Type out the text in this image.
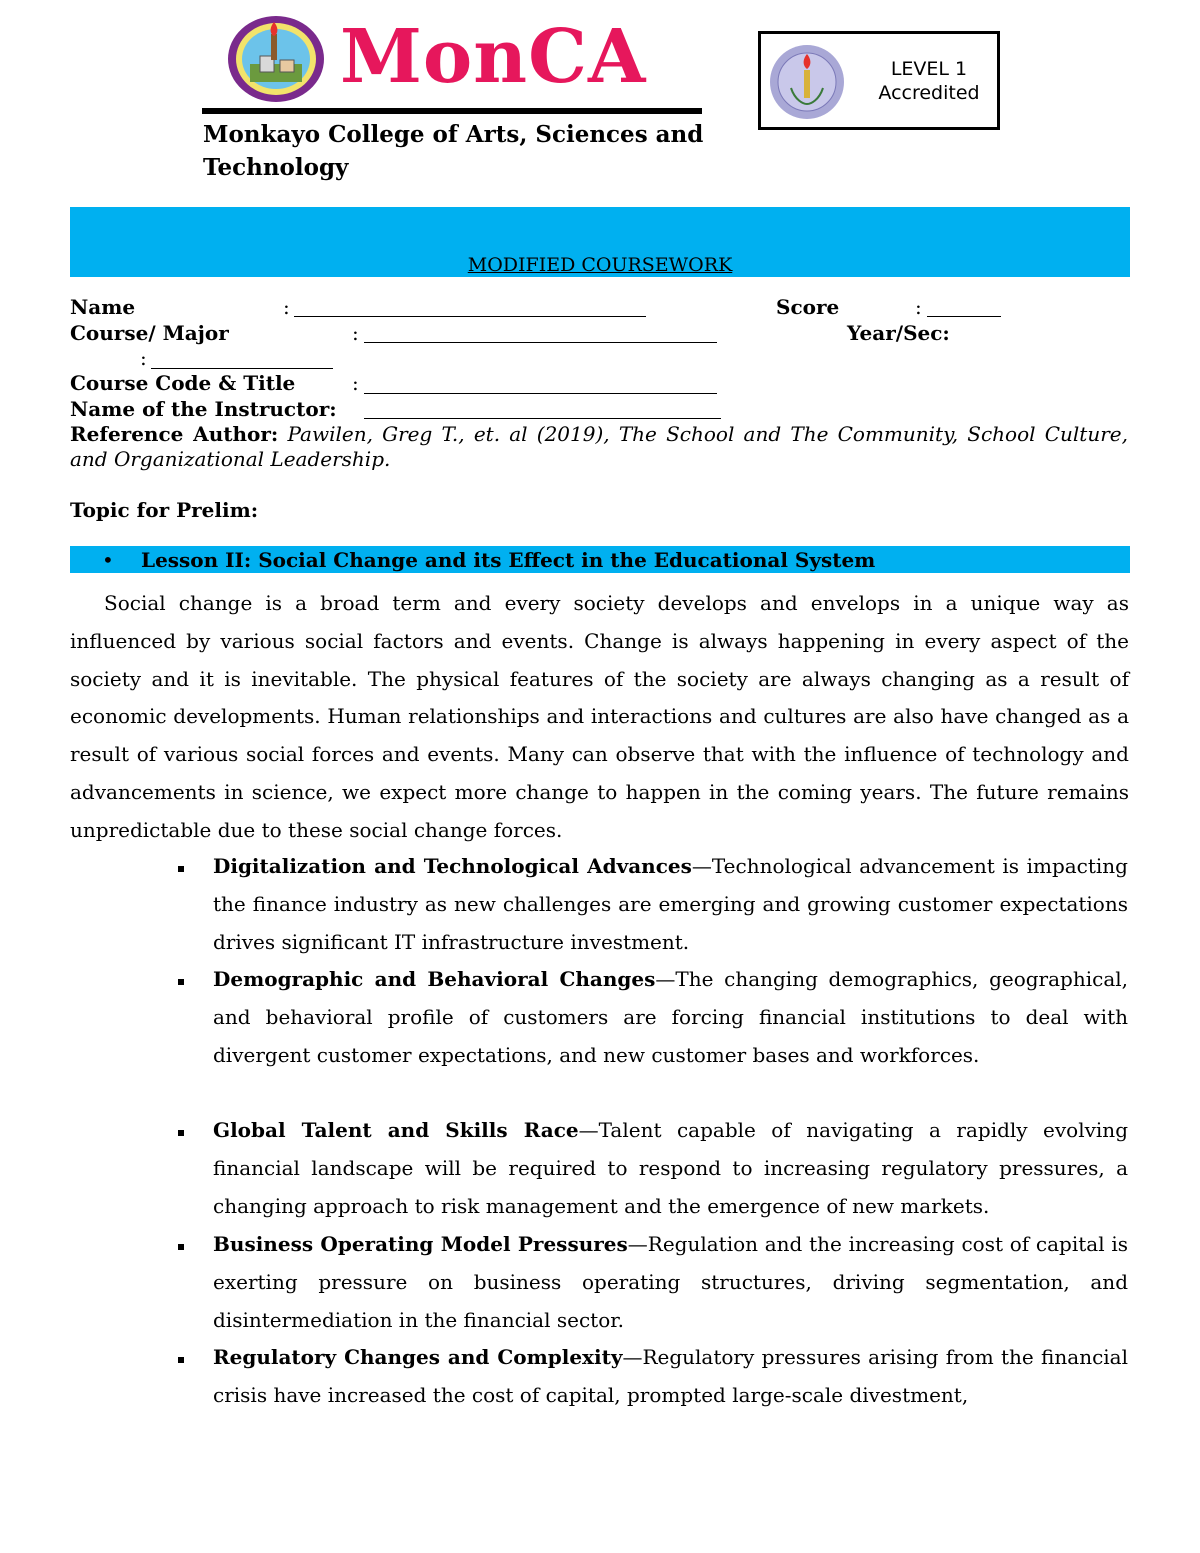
MonCA
Monkayo College of Arts, Sciences and Technology
LEVEL 1
Accredited
MODIFIED COURSEWORK
Name	:	Score	:
Course/ Major	:	Year/Sec:
:
Course Code & Title	:
Name of the Instructor:
Reference Author: Pawilen, Greg T., et. al (2019), The School and The Community, School Culture, and Organizational Leadership.
Topic for Prelim:
• Lesson II: Social Change and its Effect in the Educational System
Social change is a broad term and every society develops and envelops in a unique way as influenced by various social factors and events. Change is always happening in every aspect of the society and it is inevitable. The physical features of the society are always changing as a result of economic developments. Human relationships and interactions and cultures are also have changed as a result of various social forces and events. Many can observe that with the influence of technology and advancements in science, we expect more change to happen in the coming years. The future remains unpredictable due to these social change forces.
Digitalization and Technological Advances—Technological advancement is impacting the finance industry as new challenges are emerging and growing customer expectations drives significant IT infrastructure investment.
Demographic and Behavioral Changes—The changing demographics, geographical, and behavioral profile of customers are forcing financial institutions to deal with divergent customer expectations, and new customer bases and workforces.
Global Talent and Skills Race—Talent capable of navigating a rapidly evolving financial landscape will be required to respond to increasing regulatory pressures, a changing approach to risk management and the emergence of new markets.
Business Operating Model Pressures—Regulation and the increasing cost of capital is exerting pressure on business operating structures, driving segmentation, and disintermediation in the financial sector.
Regulatory Changes and Complexity—Regulatory pressures arising from the financial crisis have increased the cost of capital, prompted large-scale divestment,
